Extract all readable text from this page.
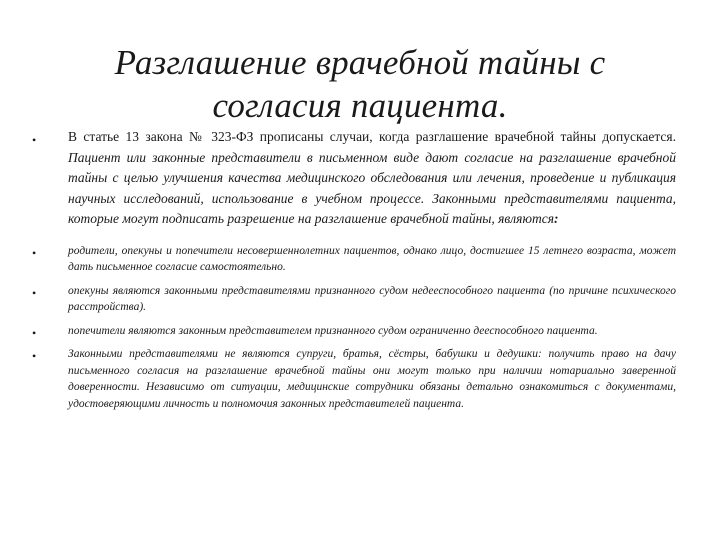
Разглашение врачебной тайны с согласия пациента.
•	В статье 13 закона № 323-ФЗ прописаны случаи, когда разглашение врачебной тайны допускается. Пациент или законные представители в письменном виде дают согласие на разглашение врачебной тайны с целью улучшения качества медицинского обследования или лечения, проведение и публикация научных исследований, использование в учебном процессе. Законными представителями пациента, которые могут подписать разрешение на разглашение врачебной тайны, являются:
•	родители, опекуны и попечители несовершеннолетних пациентов, однако лицо, достигшее 15 летнего возраста, может дать письменное согласие самостоятельно.
•	опекуны являются законными представителями признанного судом недееспособного пациента (по причине психического расстройства).
•	попечители являются законным представителем признанного судом ограниченно дееспособного пациента.
•	Законными представителями не являются супруги, братья, сёстры, бабушки и дедушки: получить право на дачу письменного согласия на разглашение врачебной тайны они могут только при наличии нотариально заверенной доверенности. Независимо от ситуации, медицинские сотрудники обязаны детально ознакомиться с документами, удостоверяющими личность и полномочия законных представителей пациента.
